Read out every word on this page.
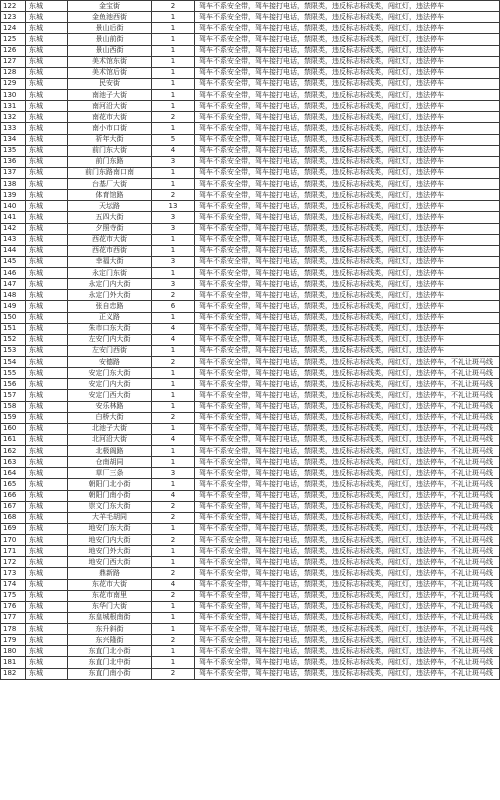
122	东城	金宝街	2	驾车不系安全带，驾车接打电话，禁限类，违反标志标线类，闯红灯，违法停车
123	东城	金鱼池西街	1	驾车不系安全带，驾车接打电话，禁限类，违反标志标线类，闯红灯，违法停车
124	东城	景山后街	1	驾车不系安全带，驾车接打电话，禁限类，违反标志标线类，闯红灯，违法停车
125	东城	景山前街	1	驾车不系安全带，驾车接打电话，禁限类，违反标志标线类，闯红灯，违法停车
126	东城	景山西街	1	驾车不系安全带，驾车接打电话，禁限类，违反标志标线类，闯红灯，违法停车
127	东城	美术馆东街	1	驾车不系安全带，驾车接打电话，禁限类，违反标志标线类，闯红灯，违法停车
128	东城	美术馆后街	1	驾车不系安全带，驾车接打电话，禁限类，违反标志标线类，闯红灯，违法停车
129	东城	民安街	1	驾车不系安全带，驾车接打电话，禁限类，违反标志标线类，闯红灯，违法停车
130	东城	南池子大街	1	驾车不系安全带，驾车接打电话，禁限类，违反标志标线类，闯红灯，违法停车
131	东城	南河沿大街	1	驾车不系安全带，驾车接打电话，禁限类，违反标志标线类，闯红灯，违法停车
132	东城	南花市大街	2	驾车不系安全带，驾车接打电话，禁限类，违反标志标线类，闯红灯，违法停车
133	东城	南小市口街	1	驾车不系安全带，驾车接打电话，禁限类，违反标志标线类，闯红灯，违法停车
134	东城	祈年大街	5	驾车不系安全带，驾车接打电话，禁限类，违反标志标线类，闯红灯，违法停车
135	东城	前门东大街	4	驾车不系安全带，驾车接打电话，禁限类，违反标志标线类，闯红灯，违法停车
136	东城	前门东路	3	驾车不系安全带，驾车接打电话，禁限类，违反标志标线类，闯红灯，违法停车
137	东城	前门东路南口南	1	驾车不系安全带，驾车接打电话，禁限类，违反标志标线类，闯红灯，违法停车
138	东城	台基厂大街	1	驾车不系安全带，驾车接打电话，禁限类，违反标志标线类，闯红灯，违法停车
139	东城	体育馆路	2	驾车不系安全带，驾车接打电话，禁限类，违反标志标线类，闯红灯，违法停车
140	东城	天坛路	13	驾车不系安全带，驾车接打电话，禁限类，违反标志标线类，闯红灯，违法停车
141	东城	五四大街	3	驾车不系安全带，驾车接打电话，禁限类，违反标志标线类，闯红灯，违法停车
142	东城	夕照寺街	3	驾车不系安全带，驾车接打电话，禁限类，违反标志标线类，闯红灯，违法停车
143	东城	西花市大街	1	驾车不系安全带，驾车接打电话，禁限类，违反标志标线类，闯红灯，违法停车
144	东城	西花市西街	1	驾车不系安全带，驾车接打电话，禁限类，违反标志标线类，闯红灯，违法停车
145	东城	幸福大街	3	驾车不系安全带，驾车接打电话，禁限类，违反标志标线类，闯红灯，违法停车
146	东城	永定门东街	1	驾车不系安全带，驾车接打电话，禁限类，违反标志标线类，闯红灯，违法停车
147	东城	永定门内大街	3	驾车不系安全带，驾车接打电话，禁限类，违反标志标线类，闯红灯，违法停车
148	东城	永定门外大街	2	驾车不系安全带，驾车接打电话，禁限类，违反标志标线类，闯红灯，违法停车
149	东城	张自忠路	6	驾车不系安全带，驾车接打电话，禁限类，违反标志标线类，闯红灯，违法停车
150	东城	正义路	1	驾车不系安全带，驾车接打电话，禁限类，违反标志标线类，闯红灯，违法停车
151	东城	朱市口东大街	4	驾车不系安全带，驾车接打电话，禁限类，违反标志标线类，闯红灯，违法停车
152	东城	左安门内大街	4	驾车不系安全带，驾车接打电话，禁限类，违反标志标线类，闯红灯，违法停车
153	东城	左安门西街	1	驾车不系安全带，驾车接打电话，禁限类，违反标志标线类，闯红灯，违法停车
154	东城	安德路	2	驾车不系安全带，驾车接打电话，禁限类，违反标志标线类，闯红灯，违法停车，不礼让斑马线
155	东城	安定门东大街	1	驾车不系安全带，驾车接打电话，禁限类，违反标志标线类，闯红灯，违法停车，不礼让斑马线
156	东城	安定门内大街	1	驾车不系安全带，驾车接打电话，禁限类，违反标志标线类，闯红灯，违法停车，不礼让斑马线
157	东城	安定门西大街	1	驾车不系安全带，驾车接打电话，禁限类，违反标志标线类，闯红灯，违法停车，不礼让斑马线
158	东城	安乐林路	1	驾车不系安全带，驾车接打电话，禁限类，违反标志标线类，闯红灯，违法停车，不礼让斑马线
159	东城	白桥大街	2	驾车不系安全带，驾车接打电话，禁限类，违反标志标线类，闯红灯，违法停车，不礼让斑马线
160	东城	北池子大街	1	驾车不系安全带，驾车接打电话，禁限类，违反标志标线类，闯红灯，违法停车，不礼让斑马线
161	东城	北河沿大街	4	驾车不系安全带，驾车接打电话，禁限类，违反标志标线类，闯红灯，违法停车，不礼让斑马线
162	东城	北极阁路	1	驾车不系安全带，驾车接打电话，禁限类，违反标志标线类，闯红灯，违法停车，不礼让斑马线
163	东城	仓南胡同	1	驾车不系安全带，驾车接打电话，禁限类，违反标志标线类，闯红灯，违法停车，不礼让斑马线
164	东城	草厂三条	3	驾车不系安全带，驾车接打电话，禁限类，违反标志标线类，闯红灯，违法停车，不礼让斑马线
165	东城	朝阳门北小街	1	驾车不系安全带，驾车接打电话，禁限类，违反标志标线类，闯红灯，违法停车，不礼让斑马线
166	东城	朝阳门南小街	4	驾车不系安全带，驾车接打电话，禁限类，违反标志标线类，闯红灯，违法停车，不礼让斑马线
167	东城	崇文门东大街	2	驾车不系安全带，驾车接打电话，禁限类，违反标志标线类，闯红灯，违法停车，不礼让斑马线
168	东城	大羊毛胡同	2	驾车不系安全带，驾车接打电话，禁限类，违反标志标线类，闯红灯，违法停车，不礼让斑马线
169	东城	地安门东大街	1	驾车不系安全带，驾车接打电话，禁限类，违反标志标线类，闯红灯，违法停车，不礼让斑马线
170	东城	地安门内大街	2	驾车不系安全带，驾车接打电话，禁限类，违反标志标线类，闯红灯，违法停车，不礼让斑马线
171	东城	地安门外大街	1	驾车不系安全带，驾车接打电话，禁限类，违反标志标线类，闯红灯，违法停车，不礼让斑马线
172	东城	地安门西大街	1	驾车不系安全带，驾车接打电话，禁限类，违反标志标线类，闯红灯，违法停车，不礼让斑马线
173	东城	鼎新路	2	驾车不系安全带，驾车接打电话，禁限类，违反标志标线类，闯红灯，违法停车，不礼让斑马线
174	东城	东花市大街	4	驾车不系安全带，驾车接打电话，禁限类，违反标志标线类，闯红灯，违法停车，不礼让斑马线
175	东城	东花市南里	2	驾车不系安全带，驾车接打电话，禁限类，违反标志标线类，闯红灯，违法停车，不礼让斑马线
176	东城	东华门大街	1	驾车不系安全带，驾车接打电话，禁限类，违反标志标线类，闯红灯，违法停车，不礼让斑马线
177	东城	东皇城根南街	1	驾车不系安全带，驾车接打电话，禁限类，违反标志标线类，闯红灯，违法停车，不礼让斑马线
178	东城	东升斜街	1	驾车不系安全带，驾车接打电话，禁限类，违反标志标线类，闯红灯，违法停车，不礼让斑马线
179	东城	东兴隆街	2	驾车不系安全带，驾车接打电话，禁限类，违反标志标线类，闯红灯，违法停车，不礼让斑马线
180	东城	东直门北小街	1	驾车不系安全带，驾车接打电话，禁限类，违反标志标线类，闯红灯，违法停车，不礼让斑马线
181	东城	东直门北中街	1	驾车不系安全带，驾车接打电话，禁限类，违反标志标线类，闯红灯，违法停车，不礼让斑马线
182	东城	东直门南小街	2	驾车不系安全带，驾车接打电话，禁限类，违反标志标线类，闯红灯，违法停车，不礼让斑马线
